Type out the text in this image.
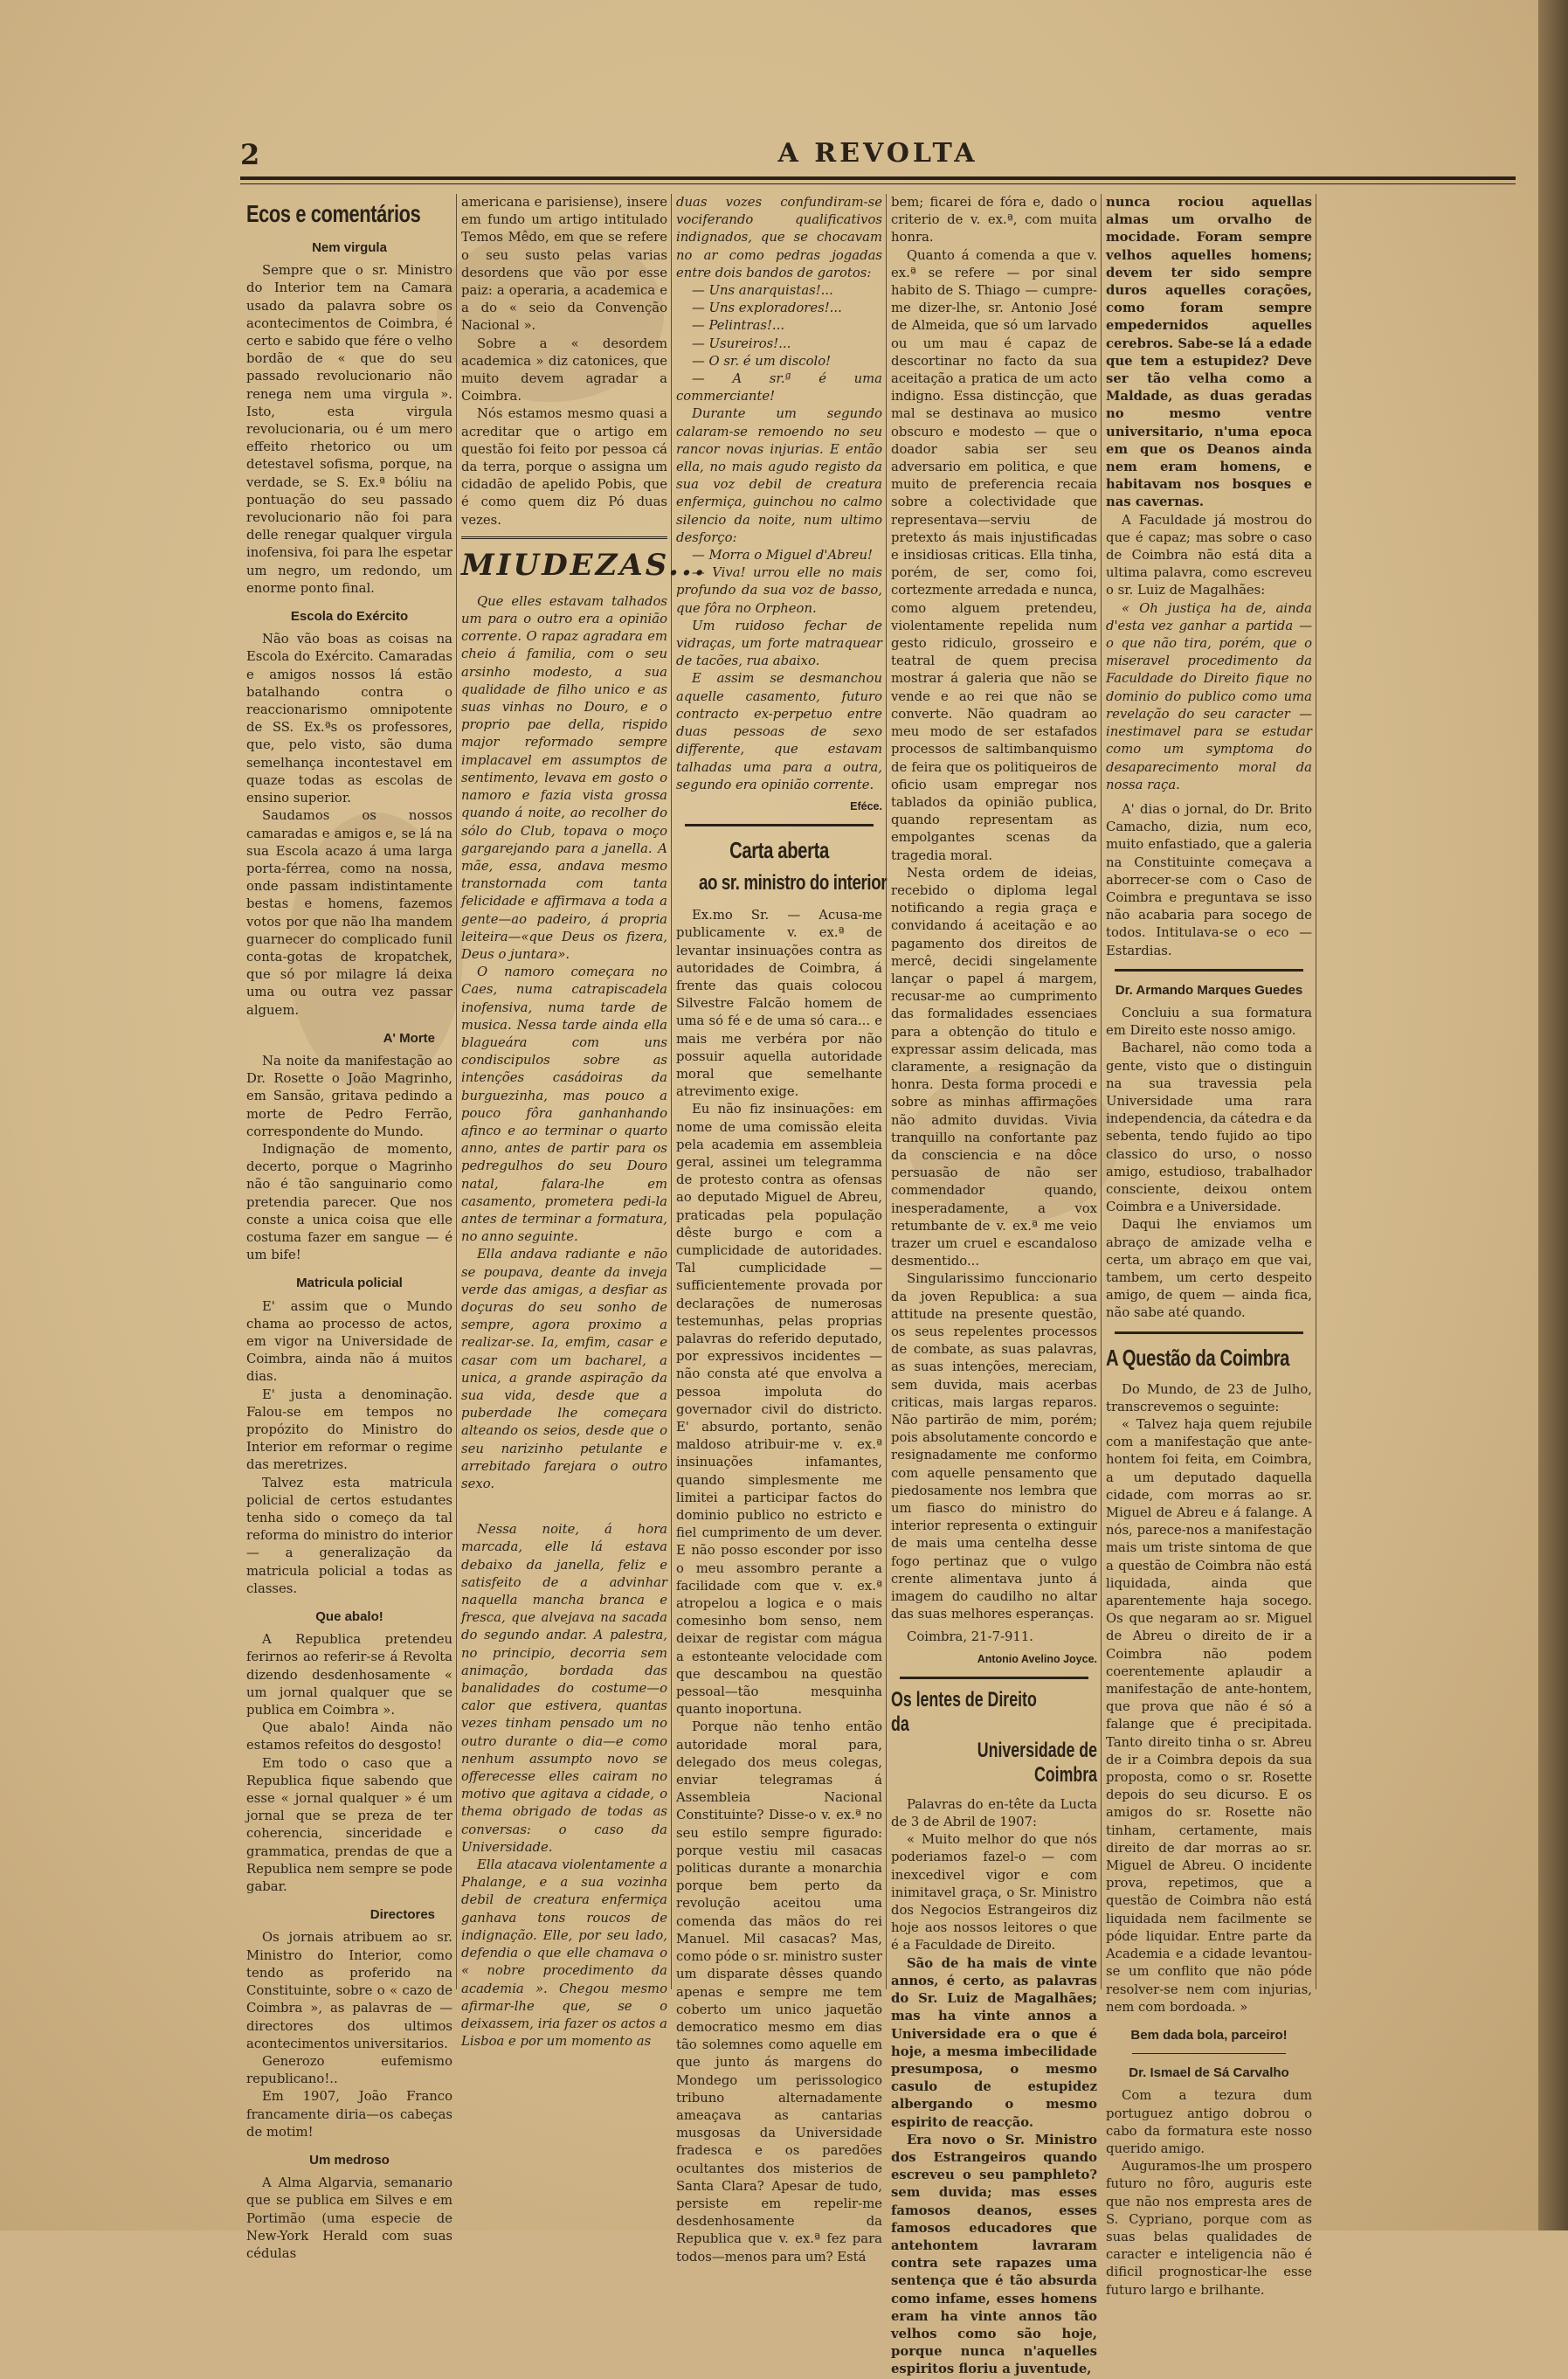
2	A REVOLTA
Ecos e comentários
Nem virgula

Sempre que o sr. Ministro do Interior tem na Camara usado da palavra sobre os acontecimentos de Coimbra, é certo e sabido que fére o velho bordão de « que do seu passado revolucionario não renega nem uma virgula ». Isto, esta virgula revolucionaria, ou é um mero effeito rhetorico ou um detestavel sofisma, porque, na verdade, se S. Ex.ª bóliu na pontuação do seu passado revolucionario não foi para delle renegar qualquer virgula inofensiva, foi para lhe espetar um negro, um redondo, um enorme ponto final.

Escola do Exército

Não vão boas as coisas na Escola do Exército. Camaradas e amigos nossos lá estão batalhando contra o reaccionarismo omnipotente de SS. Ex.ªs os professores, que, pelo visto, são duma semelhança incontestavel em quaze todas as escolas de ensino superior.

Saudamos os nossos camaradas e amigos e, se lá na sua Escola acazo á uma larga porta-férrea, como na nossa, onde passam indistintamente bestas e homens, fazemos votos por que não lha mandem guarnecer do complicado funil conta-gotas de kropatchek, que só por milagre lá deixa uma ou outra vez passar alguem.

A' Morte

Na noite da manifestação ao Dr. Rosette o João Magrinho, em Sansão, gritava pedindo a morte de Pedro Ferrão, correspondente do Mundo.

Indignação de momento, decerto, porque o Magrinho não é tão sanguinario como pretendia parecer. Que nos conste a unica coisa que elle costuma fazer em sangue — é um bife!

Matricula policial

E' assim que o Mundo chama ao processo de actos, em vigor na Universidade de Coimbra, ainda não á muitos dias.

E' justa a denominação. Falou-se em tempos no propózito do Ministro do Interior em reformar o regime das meretrizes.

Talvez esta matricula policial de certos estudantes tenha sido o começo da tal reforma do ministro do interior — a generalização da matricula policial a todas as classes.

Que abalo!

A Republica pretendeu ferirnos ao referir-se á Revolta dizendo desdenhosamente « um jornal qualquer que se publica em Coimbra ».

Que abalo! Ainda não estamos refeitos do desgosto!

Em todo o caso que a Republica fique sabendo que esse « jornal qualquer » é um jornal que se preza de ter coherencia, sinceridade e grammatica, prendas de que a Republica nem sempre se pode gabar.

Directores

Os jornais atribuem ao sr. Ministro do Interior, como tendo as proferido na Constituinte, sobre o « cazo de Coimbra », as palavras de — directores dos ultimos acontecimentos universitarios.

Generozo eufemismo republicano!..

Em 1907, João Franco francamente diria—os cabeças de motim!

Um medroso

A Alma Algarvia, semanario que se publica em Silves e em Portimão (uma especie de New-York Herald com suas cédulas

americana e parisiense), insere em fundo um artigo intitulado Temos Mêdo, em que se refere o seu susto pelas varias desordens que vão por esse paiz: a operaria, a academica e a do « seio da Convenção Nacional ».

Sobre a « desordem academica » diz catonices, que muito devem agradar a Coimbra.

Nós estamos mesmo quasi a acreditar que o artigo em questão foi feito por pessoa cá da terra, porque o assigna um cidadão de apelido Pobis, que é como quem diz Pó duas vezes.

MIUDEZAS...

Que elles estavam talhados um para o outro era a opinião corrente. O rapaz agradara em cheio á familia, com o seu arsinho modesto, a sua qualidade de filho unico e as suas vinhas no Douro, e o proprio pae della, rispido major reformado sempre implacavel em assumptos de sentimento, levava em gosto o namoro e fazia vista grossa quando á noite, ao recolher do sólo do Club, topava o moço gargarejando para a janella. A mãe, essa, andava mesmo transtornada com tanta felicidade e affirmava a toda a gente—ao padeiro, á propria leiteira—«que Deus os fizera, Deus o juntara».

O namoro começara no Caes, numa catrapiscadela inofensiva, numa tarde de musica. Nessa tarde ainda ella blagueára com uns condiscipulos sobre as intenções casádoiras da burguezinha, mas pouco a pouco fôra ganhanhando afinco e ao terminar o quarto anno, antes de partir para os pedregulhos do seu Douro natal, falara-lhe em casamento, prometera pedi-la antes de terminar a formatura, no anno seguinte.

Ella andava radiante e não se poupava, deante da inveja verde das amigas, a desfiar as doçuras do seu sonho de sempre, agora proximo a realizar-se. Ia, emfim, casar e casar com um bacharel, a unica, a grande aspiração da sua vida, desde que a puberdade lhe começara alteando os seios, desde que o seu narizinho petulante e arrebitado farejara o outro sexo.

Nessa noite, á hora marcada, elle lá estava debaixo da janella, feliz e satisfeito de a advinhar naquella mancha branca e fresca, que alvejava na sacada do segundo andar. A palestra, no principio, decorria sem animação, bordada das banalidades do costume—o calor que estivera, quantas vezes tinham pensado um no outro durante o dia—e como nenhum assumpto novo se offerecesse elles cairam no motivo que agitava a cidade, o thema obrigado de todas as conversas: o caso da Universidade.

Ella atacava violentamente a Phalange, e a sua vozinha debil de creatura enfermiça ganhava tons roucos de indignação. Elle, por seu lado, defendia o que elle chamava o « nobre procedimento da academia ». Chegou mesmo afirmar-lhe que, se o deixassem, iria fazer os actos a Lisboa e por um momento as

duas vozes confundiram-se vociferando qualificativos indignados, que se chocavam no ar como pedras jogadas entre dois bandos de garotos:

— Uns anarquistas!...

— Uns exploradores!...

— Pelintras!...

— Usureiros!...

— O sr. é um discolo!

— A sr.ª é uma commerciante!

Durante um segundo calaram-se remoendo no seu rancor novas injurias. E então ella, no mais agudo registo da sua voz debil de creatura enfermiça, guinchou no calmo silencio da noite, num ultimo desforço:

— Morra o Miguel d'Abreu!

— Viva! urrou elle no mais profundo da sua voz de basso, que fôra no Orpheon.

Um ruidoso fechar de vidraças, um forte matraquear de tacões, rua abaixo.

E assim se desmanchou aquelle casamento, futuro contracto ex-perpetuo entre duas pessoas de sexo differente, que estavam talhadas uma para a outra, segundo era opinião corrente.

Eféce.
Carta aberta
ao sr. ministro do interior

Ex.mo Sr. — Acusa-me publicamente v. ex.ª de levantar insinuações contra as autoridades de Coimbra, á frente das quais colocou Silvestre Falcão homem de uma só fé e de uma só cara... e mais me verbéra por não possuir aquella autoridade moral que semelhante atrevimento exige.

Eu não fiz insinuações: em nome de uma comissão eleita pela academia em assembleia geral, assinei um telegramma de protesto contra as ofensas ao deputado Miguel de Abreu, praticadas pela população dêste burgo e com a cumplicidade de autoridades. Tal cumplicidade — sufficientemente provada por declarações de numerosas testemunhas, pelas proprias palavras do referido deputado, por expressivos incidentes — não consta até que envolva a pessoa impoluta do governador civil do districto. E' absurdo, portanto, senão maldoso atribuir-me v. ex.ª insinuações infamantes, quando simplesmente me limitei a participar factos do dominio publico no estricto e fiel cumprimento de um dever. E não posso esconder por isso o meu assombro perante a facilidade com que v. ex.ª atropelou a logica e o mais comesinho bom senso, nem deixar de registar com mágua a estonteante velocidade com que descambou na questão pessoal—tão mesquinha quanto inoportuna.

Porque não tenho então autoridade moral para, delegado dos meus colegas, enviar telegramas á Assembleia Nacional Constituinte? Disse-o v. ex.ª no seu estilo sempre figurado: porque vestiu mil casacas politicas durante a monarchia porque bem perto da revolução aceitou uma comenda das mãos do rei Manuel. Mil casacas? Mas, como póde o sr. ministro suster um disparate dêsses quando apenas e sempre me tem coberto um unico jaquetão democratico mesmo em dias tão solemnes como aquelle em que junto ás margens do Mondego um perissologico tribuno alternadamente ameaçava as cantarias musgosas da Universidade fradesca e os paredões ocultantes dos misterios de Santa Clara? Apesar de tudo, persiste em repelir-me desdenhosamente da Republica que v. ex.ª fez para todos—menos para um? Está

bem; ficarei de fóra e, dado o criterio de v. ex.ª, com muita honra.

Quanto á comenda a que v. ex.ª se refere — por sinal habito de S. Thiago — cumpre-me dizer-lhe, sr. Antonio José de Almeida, que só um larvado ou um mau é capaz de descortinar no facto da sua aceitação a pratica de um acto indigno. Essa distincção, que mal se destinava ao musico obscuro e modesto — que o doador sabia ser seu adversario em politica, e que muito de preferencia recaia sobre a colectividade que representava—serviu de pretexto ás mais injustificadas e insidiosas criticas. Ella tinha, porém, de ser, como foi, cortezmente arredada e nunca, como alguem pretendeu, violentamente repelida num gesto ridiculo, grosseiro e teatral de quem precisa mostrar á galeria que não se vende e ao rei que não se converte. Não quadram ao meu modo de ser estafados processos de saltimbanquismo de feira que os politiqueiros de oficio usam empregar nos tablados da opinião publica, quando representam as empolgantes scenas da tragedia moral.

Nesta ordem de ideias, recebido o diploma legal notificando a regia graça e convidando á aceitação e ao pagamento dos direitos de mercê, decidi singelamente lançar o papel á margem, recusar-me ao cumprimento das formalidades essenciaes para a obtenção do titulo e expressar assim delicada, mas claramente, a resignação da honra. Desta forma procedi e sobre as minhas affirmações não admito duvidas. Vivia tranquillo na confortante paz da consciencia e na dôce persuasão de não ser commendador quando, inesperadamente, a vox retumbante de v. ex.ª me veio trazer um cruel e escandaloso desmentido...

Singularissimo funccionario da joven Republica: a sua attitude na presente questão, os seus repelentes processos de combate, as suas palavras, as suas intenções, mereciam, sem duvida, mais acerbas criticas, mais largas reparos. Não partirão de mim, porém; pois absolutamente concordo e resignadamente me conformo com aquelle pensamento que piedosamente nos lembra que um fiasco do ministro do interior representa o extinguir de mais uma centelha desse fogo pertinaz que o vulgo crente alimentava junto á imagem do caudilho no altar das suas melhores esperanças.

Coimbra, 21-7-911.

Antonio Avelino Joyce.
Os lentes de Direito da
Universidade de Coimbra

Palavras do en-tête da Lucta de 3 de Abril de 1907:

« Muito melhor do que nós poderiamos fazel-o — com inexcedivel vigor e com inimitavel graça, o Sr. Ministro dos Negocios Estrangeiros diz hoje aos nossos leitores o que é a Faculdade de Direito.

São de ha mais de vinte annos, é certo, as palavras do Sr. Luiz de Magalhães; mas ha vinte annos a Universidade era o que é hoje, a mesma imbecilidade presumposa, o mesmo casulo de estupidez albergando o mesmo espirito de reacção.

Era novo o Sr. Ministro dos Estrangeiros quando escreveu o seu pamphleto? sem duvida; mas esses famosos deanos, esses famosos educadores que antehontem lavraram contra sete rapazes uma sentença que é tão absurda como infame, esses homens eram ha vinte annos tão velhos como são hoje, porque nunca n'aquelles espiritos floriu a juventude,

nunca rociou aquellas almas um orvalho de mocidade. Foram sempre velhos aquelles homens; devem ter sido sempre duros aquelles corações, como foram sempre empedernidos aquelles cerebros. Sabe-se lá a edade que tem a estupidez? Deve ser tão velha como a Maldade, as duas geradas no mesmo ventre universitario, n'uma epoca em que os Deanos ainda nem eram homens, e habitavam nos bosques e nas cavernas.

A Faculdade já mostrou do que é capaz; mas sobre o caso de Coimbra não está dita a ultima palavra, como escreveu o sr. Luiz de Magalhães:

« Oh justiça ha de, ainda d'esta vez ganhar a partida — o que não tira, porém, que o miseravel procedimento da Faculdade do Direito fique no dominio do publico como uma revelação do seu caracter — inestimavel para se estudar como um symptoma do desaparecimento moral da nossa raça.

A' dias o jornal, do Dr. Brito Camacho, dizia, num eco, muito enfastiado, que a galeria na Constituinte começava a aborrecer-se com o Caso de Coimbra e preguntava se isso não acabaria para socego de todos. Intitulava-se o eco — Estardias.

Dr. Armando Marques Guedes

Concluiu a sua formatura em Direito este nosso amigo.

Bacharel, não como toda a gente, visto que o distinguin na sua travessia pela Universidade uma rara independencia, da cátedra e da sebenta, tendo fujido ao tipo classico do urso, o nosso amigo, estudioso, trabalhador consciente, deixou ontem Coimbra e a Universidade.

Daqui lhe enviamos um abraço de amizade velha e certa, um abraço em que vai, tambem, um certo despeito amigo, de quem — ainda fica, não sabe até quando.

A Questão da Coimbra

Do Mundo, de 23 de Julho, transcrevemos o seguinte:

« Talvez haja quem rejubile com a manifestação que ante-hontem foi feita, em Coimbra, a um deputado daquella cidade, com morras ao sr. Miguel de Abreu e á falange. A nós, parece-nos a manifestação mais um triste sintoma de que a questão de Coimbra não está liquidada, ainda que aparentemente haja socego. Os que negaram ao sr. Miguel de Abreu o direito de ir a Coimbra não podem coerentemente aplaudir a manifestação de ante-hontem, que prova que não é só a falange que é precipitada. Tanto direito tinha o sr. Abreu de ir a Coimbra depois da sua proposta, como o sr. Rosette depois do seu dicurso. E os amigos do sr. Rosette não tinham, certamente, mais direito de dar morras ao sr. Miguel de Abreu. O incidente prova, repetimos, que a questão de Coimbra não está liquidada nem facilmente se póde liquidar. Entre parte da Academia e a cidade levantou-se um conflito que não póde resolver-se nem com injurias, nem com bordoada. »

Bem dada bola, parceiro!
Dr. Ismael de Sá Carvalho

Com a tezura dum portuguez antigo dobrou o cabo da formatura este nosso querido amigo.

Auguramos-lhe um prospero futuro no fôro, auguris este que não nos empresta ares de S. Cypriano, porque com as suas belas qualidades de caracter e inteligencia não é dificil prognosticar-lhe esse futuro largo e brilhante.
